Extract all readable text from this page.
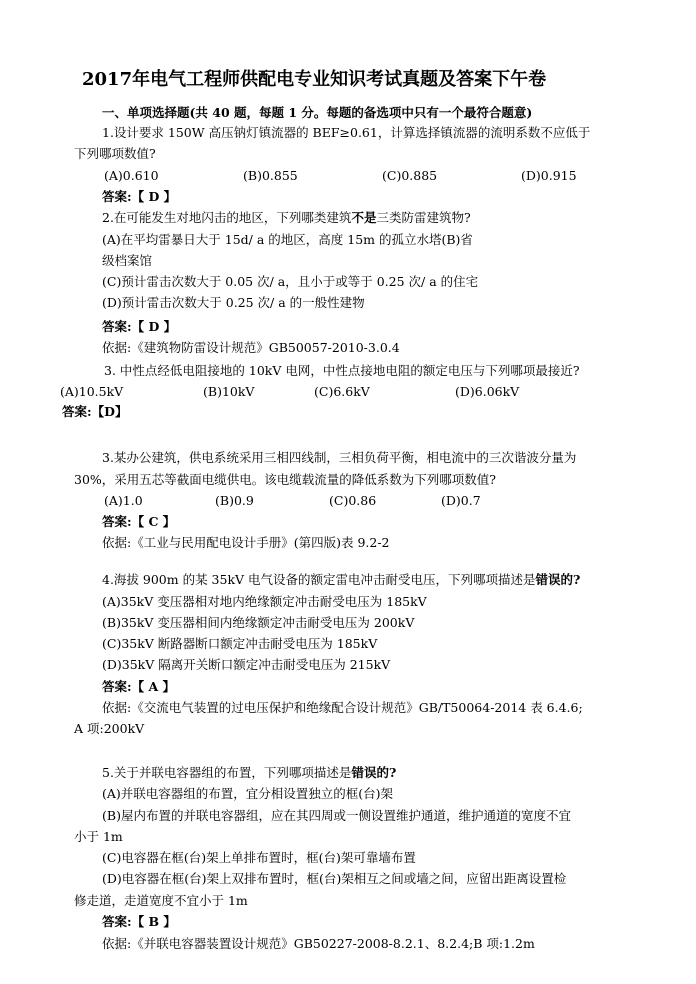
2017年电气工程师供配电专业知识考试真题及答案下午卷
一、单项选择题(共 40 题，每题 1 分。每题的备选项中只有一个最符合题意)
1.设计要求 150W 高压钠灯镇流器的 BEF≥0.61，计算选择镇流器的流明系数不应低于
下列哪项数值?
(A)0.610	(B)0.855	(C)0.885	(D)0.915
答案:【 D 】
2.在可能发生对地闪击的地区，下列哪类建筑不是三类防雷建筑物?
(A)在平均雷暴日大于 15d/ a 的地区，高度 15m 的孤立水塔(B)省
级档案馆
(C)预计雷击次数大于 0.05 次/ a，且小于或等于 0.25 次/ a 的住宅
(D)预计雷击次数大于 0.25 次/ a 的一般性建物
答案:【 D 】
依据:《建筑物防雷设计规范》GB50057-2010-3.0.4
3. 中性点经低电阻接地的 10kV 电网，中性点接地电阻的额定电压与下列哪项最接近?
(A)10.5kV	(B)10kV	(C)6.6kV	(D)6.06kV
答案:【D】
3.某办公建筑，供电系统采用三相四线制，三相负荷平衡，相电流中的三次谐波分量为
30%，采用五芯等截面电缆供电。该电缆载流量的降低系数为下列哪项数值?
(A)1.0	(B)0.9	(C)0.86	(D)0.7
答案:【 C 】
依据:《工业与民用配电设计手册》(第四版)表 9.2-2
4.海拔 900m 的某 35kV 电气设备的额定雷电冲击耐受电压，下列哪项描述是错误的?
(A)35kV 变压器相对地内绝缘额定冲击耐受电压为 185kV
(B)35kV 变压器相间内绝缘额定冲击耐受电压为 200kV
(C)35kV 断路器断口额定冲击耐受电压为 185kV
(D)35kV 隔离开关断口额定冲击耐受电压为 215kV
答案:【 A 】
依据:《交流电气装置的过电压保护和绝缘配合设计规范》GB/T50064-2014 表 6.4.6;
A 项:200kV
5.关于并联电容器组的布置，下列哪项描述是错误的?
(A)并联电容器组的布置，宜分相设置独立的框(台)架
(B)屋内布置的并联电容器组，应在其四周或一侧设置维护通道，维护通道的宽度不宜
小于 1m
(C)电容器在框(台)架上单排布置时，框(台)架可靠墙布置
(D)电容器在框(台)架上双排布置时，框(台)架相互之间或墙之间，应留出距离设置检
修走道，走道宽度不宜小于 1m
答案:【 B 】
依据:《并联电容器装置设计规范》GB50227-2008-8.2.1、8.2.4;B 项:1.2m
